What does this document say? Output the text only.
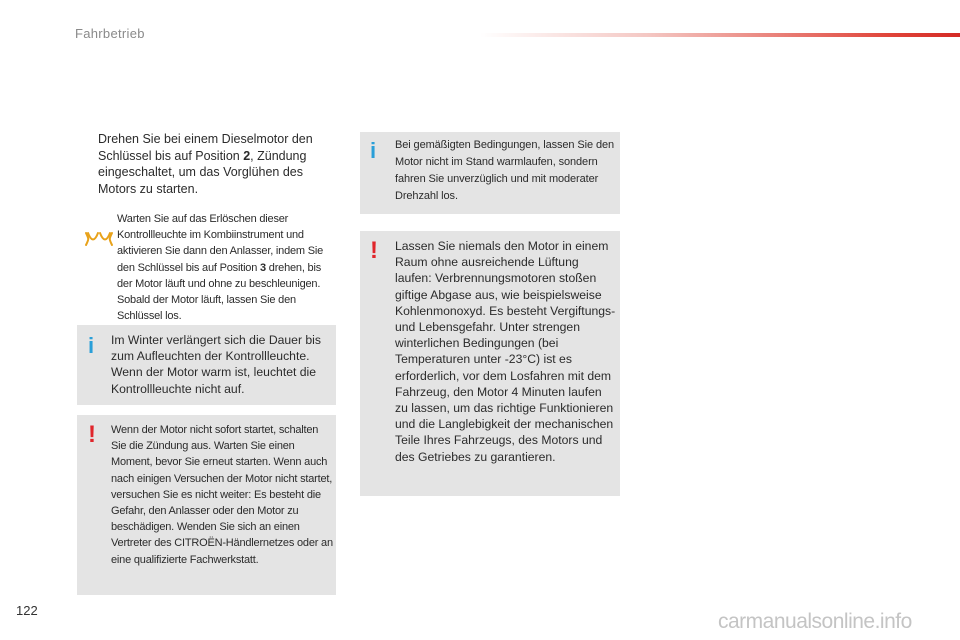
Fahrbetrieb
Drehen Sie bei einem Dieselmotor den Schlüssel bis auf Position 2, Zündung eingeschaltet, um das Vorglühen des Motors zu starten.
Warten Sie auf das Erlöschen dieser Kontrollleuchte im Kombiinstrument und aktivieren Sie dann den Anlasser, indem Sie den Schlüssel bis auf Position 3 drehen, bis der Motor läuft und ohne zu beschleunigen. Sobald der Motor läuft, lassen Sie den Schlüssel los.
i Im Winter verlängert sich die Dauer bis zum Aufleuchten der Kontrollleuchte. Wenn der Motor warm ist, leuchtet die Kontrollleuchte nicht auf.
! Wenn der Motor nicht sofort startet, schalten Sie die Zündung aus. Warten Sie einen Moment, bevor Sie erneut starten. Wenn auch nach einigen Versuchen der Motor nicht startet, versuchen Sie es nicht weiter: Es besteht die Gefahr, den Anlasser oder den Motor zu beschädigen. Wenden Sie sich an einen Vertreter des CITROËN-Händlernetzes oder an eine qualifizierte Fachwerkstatt.
i Bei gemäßigten Bedingungen, lassen Sie den Motor nicht im Stand warmlaufen, sondern fahren Sie unverzüglich und mit moderater Drehzahl los.
! Lassen Sie niemals den Motor in einem Raum ohne ausreichende Lüftung laufen: Verbrennungsmotoren stoßen giftige Abgase aus, wie beispielsweise Kohlenmonoxyd. Es besteht Vergiftungs- und Lebensgefahr. Unter strengen winterlichen Bedingungen (bei Temperaturen unter -23°C) ist es erforderlich, vor dem Losfahren mit dem Fahrzeug, den Motor 4 Minuten laufen zu lassen, um das richtige Funktionieren und die Langlebigkeit der mechanischen Teile Ihres Fahrzeugs, des Motors und des Getriebes zu garantieren.
122	carmanualsonline.info
